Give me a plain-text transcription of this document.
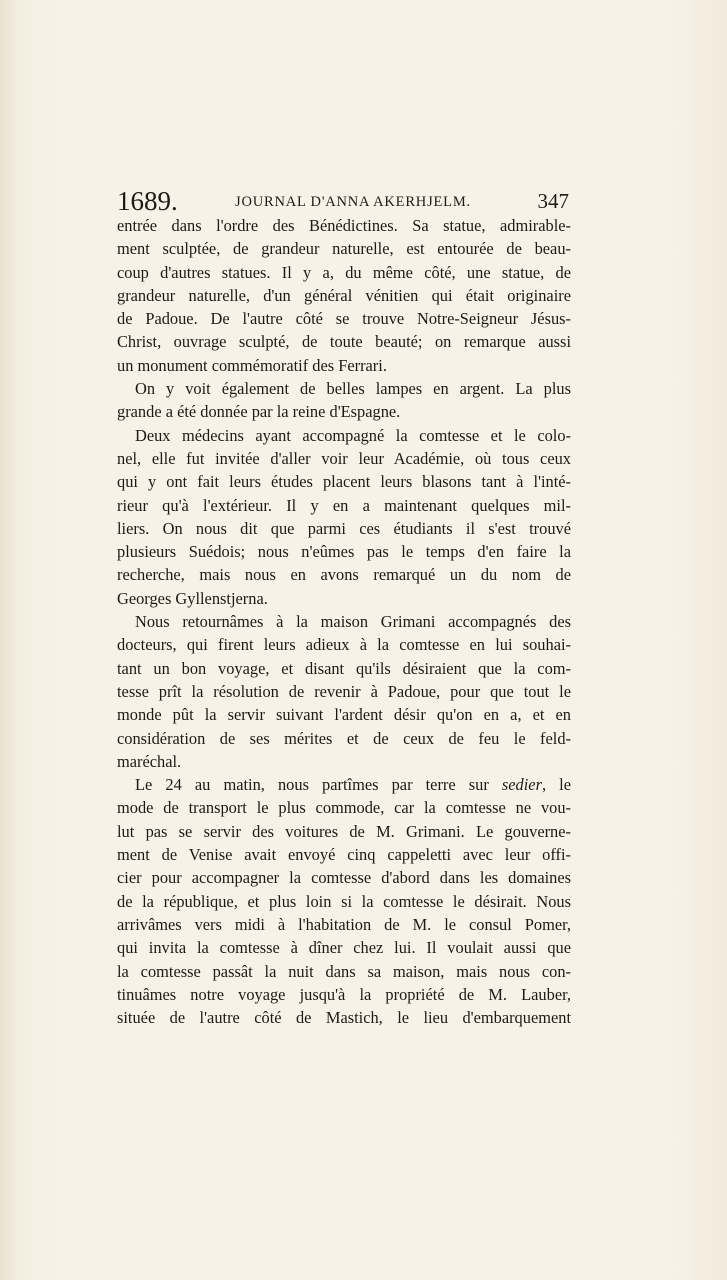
1689.	JOURNAL D'ANNA AKERHJELM.	347
entrée dans l'ordre des Bénédictines. Sa statue, admirable-
ment sculptée, de grandeur naturelle, est entourée de beau-
coup d'autres statues. Il y a, du même côté, une statue, de
grandeur naturelle, d'un général vénitien qui était originaire
de Padoue. De l'autre côté se trouve Notre-Seigneur Jésus-
Christ, ouvrage sculpté, de toute beauté; on remarque aussi
un monument commémoratif des Ferrari.
On y voit également de belles lampes en argent. La plus
grande a été donnée par la reine d'Espagne.
Deux médecins ayant accompagné la comtesse et le colo-
nel, elle fut invitée d'aller voir leur Académie, où tous ceux
qui y ont fait leurs études placent leurs blasons tant à l'inté-
rieur qu'à l'extérieur. Il y en a maintenant quelques mil-
liers. On nous dit que parmi ces étudiants il s'est trouvé
plusieurs Suédois; nous n'eûmes pas le temps d'en faire la
recherche, mais nous en avons remarqué un du nom de
Georges Gyllenstjerna.
Nous retournâmes à la maison Grimani accompagnés des
docteurs, qui firent leurs adieux à la comtesse en lui souhai-
tant un bon voyage, et disant qu'ils désiraient que la com-
tesse prît la résolution de revenir à Padoue, pour que tout le
monde pût la servir suivant l'ardent désir qu'on en a, et en
considération de ses mérites et de ceux de feu le feld-
maréchal.
Le 24 au matin, nous partîmes par terre sur sedier, le
mode de transport le plus commode, car la comtesse ne vou-
lut pas se servir des voitures de M. Grimani. Le gouverne-
ment de Venise avait envoyé cinq cappeletti avec leur offi-
cier pour accompagner la comtesse d'abord dans les domaines
de la république, et plus loin si la comtesse le désirait. Nous
arrivâmes vers midi à l'habitation de M. le consul Pomer,
qui invita la comtesse à dîner chez lui. Il voulait aussi que
la comtesse passât la nuit dans sa maison, mais nous con-
tinuâmes notre voyage jusqu'à la propriété de M. Lauber,
située de l'autre côté de Mastich, le lieu d'embarquement
